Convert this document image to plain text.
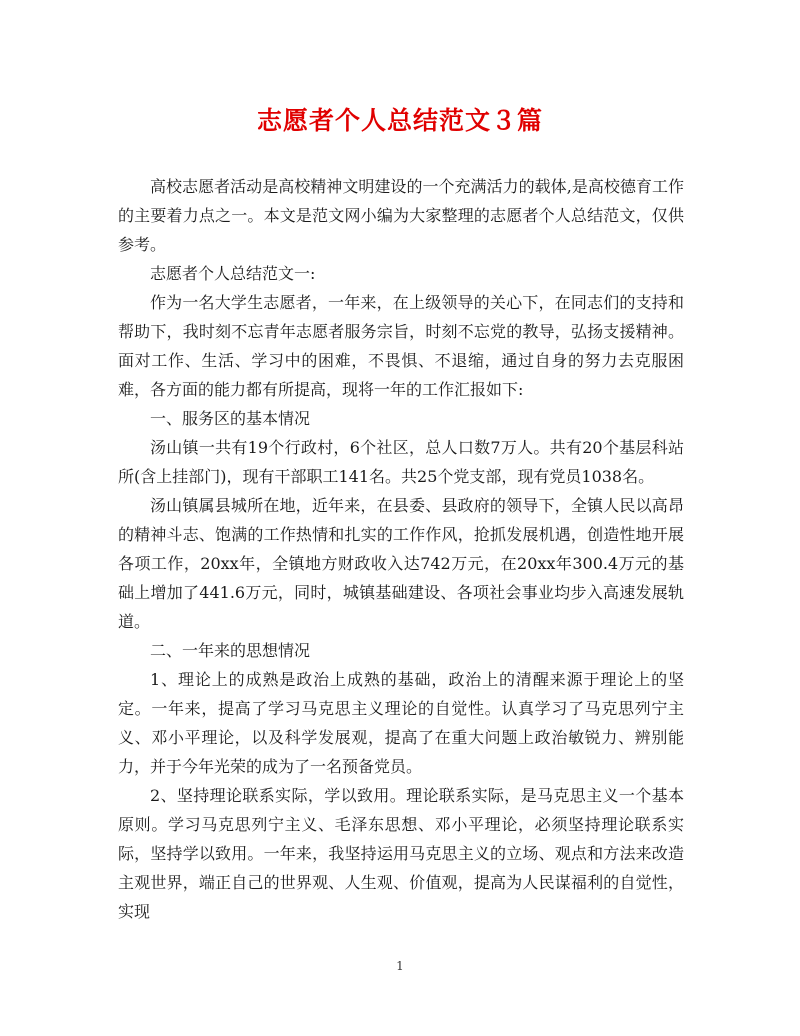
志愿者个人总结范文３篇

高校志愿者活动是高校精神文明建设的一个充满活力的载体,是高校德育工作的主要着力点之一。本文是范文网小编为大家整理的志愿者个人总结范文，仅供参考。

志愿者个人总结范文一:

作为一名大学生志愿者，一年来，在上级领导的关心下，在同志们的支持和帮助下，我时刻不忘青年志愿者服务宗旨，时刻不忘党的教导，弘扬支援精神。面对工作、生活、学习中的困难，不畏惧、不退缩，通过自身的努力去克服困难，各方面的能力都有所提高，现将一年的工作汇报如下:

一、服务区的基本情况

汤山镇一共有19个行政村，6个社区，总人口数7万人。共有20个基层科站所(含上挂部门)，现有干部职工141名。共25个党支部，现有党员1038名。

汤山镇属县城所在地，近年来，在县委、县政府的领导下，全镇人民以高昂的精神斗志、饱满的工作热情和扎实的工作作风，抢抓发展机遇，创造性地开展各项工作，20xx年，全镇地方财政收入达742万元，在20xx年300.4万元的基础上增加了441.6万元，同时，城镇基础建设、各项社会事业均步入高速发展轨道。

二、一年来的思想情况

1、理论上的成熟是政治上成熟的基础，政治上的清醒来源于理论上的坚定。一年来，提高了学习马克思主义理论的自觉性。认真学习了马克思列宁主义、邓小平理论，以及科学发展观，提高了在重大问题上政治敏锐力、辨别能力，并于今年光荣的成为了一名预备党员。

2、坚持理论联系实际，学以致用。理论联系实际，是马克思主义一个基本原则。学习马克思列宁主义、毛泽东思想、邓小平理论，必须坚持理论联系实际，坚持学以致用。一年来，我坚持运用马克思主义的立场、观点和方法来改造主观世界，端正自己的世界观、人生观、价值观，提高为人民谋福利的自觉性，实现

1
